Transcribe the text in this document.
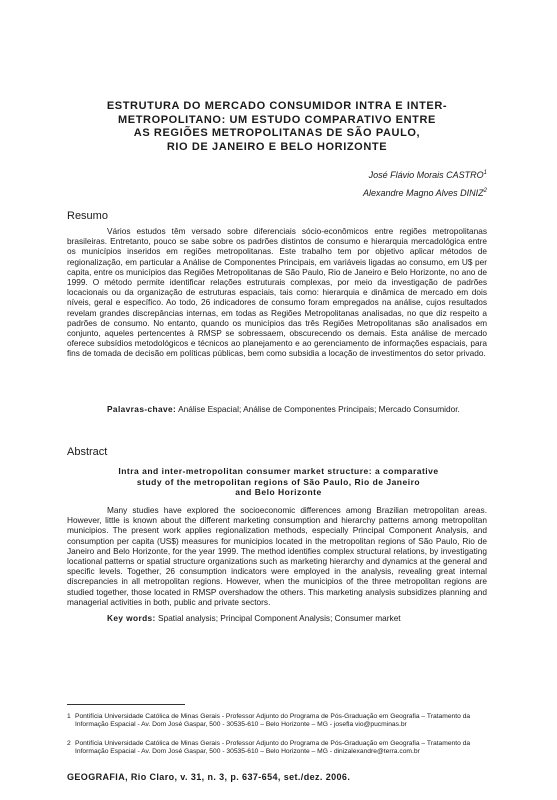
ESTRUTURA DO MERCADO CONSUMIDOR INTRA E INTER-
METROPOLITANO: UM ESTUDO COMPARATIVO ENTRE
AS REGIÕES METROPOLITANAS DE SÃO PAULO,
RIO DE JANEIRO E BELO HORIZONTE
José Flávio Morais CASTRO$^1$
Alexandre Magno Alves DINIZ$^2$
Resumo

Vários estudos têm versado sobre diferenciais sócio-econômicos entre regiões metropolitanas brasileiras. Entretanto, pouco se sabe sobre os padrões distintos de consumo e hierarquia mercadológica entre os municípios inseridos em regiões metropolitanas. Este trabalho tem por objetivo aplicar métodos de regionalização, em particular a Análise de Componentes Principais, em variáveis ligadas ao consumo, em U$ per capita, entre os municípios das Regiões Metropolitanas de São Paulo, Rio de Janeiro e Belo Horizonte, no ano de 1999. O método permite identificar relações estruturais complexas, por meio da investigação de padrões locacionais ou da organização de estruturas espaciais, tais como: hierarquia e dinâmica de mercado em dois níveis, geral e específico. Ao todo, 26 indicadores de consumo foram empregados na análise, cujos resultados revelam grandes discrepâncias internas, em todas as Regiões Metropolitanas analisadas, no que diz respeito a padrões de consumo. No entanto, quando os municípios das três Regiões Metropolitanas são analisados em conjunto, aqueles pertencentes à RMSP se sobressaem, obscurecendo os demais. Esta análise de mercado oferece subsídios metodológicos e técnicos ao planejamento e ao gerenciamento de informações espaciais, para fins de tomada de decisão em políticas públicas, bem como subsidia a locação de investimentos do setor privado.

Palavras-chave: Análise Espacial; Análise de Componentes Principais; Mercado Consumidor.

Abstract
Intra and inter-metropolitan consumer market structure: a comparative
study of the metropolitan regions of São Paulo, Rio de Janeiro
and Belo Horizonte

Many studies have explored the socioeconomic differences among Brazilian metropolitan areas. However, little is known about the different marketing consumption and hierarchy patterns among metropolitan municipios. The present work applies regionalization methods, especially Principal Component Analysis, and consumption per capita (US$) measures for municipios located in the metropolitan regions of São Paulo, Rio de Janeiro and Belo Horizonte, for the year 1999. The method identifies complex structural relations, by investigating locational patterns or spatial structure organizations such as marketing hierarchy and dynamics at the general and specific levels. Together, 26 consumption indicators were employed in the analysis, revealing great internal discrepancies in all metropolitan regions. However, when the municipios of the three metropolitan regions are studied together, those located in RMSP overshadow the others. This marketing analysis subsidizes planning and managerial activities in both, public and private sectors.

Key words: Spatial analysis; Principal Component Analysis; Consumer market

1 Pontifícia Universidade Católica de Minas Gerais - Professor Adjunto do Programa de Pós-Graduação em Geografia – Tratamento da Informação Espacial - Av. Dom José Gaspar, 500 - 30535-610 – Belo Horizonte – MG - josefla vio@pucminas.br
2 Pontifícia Universidade Católica de Minas Gerais - Professor Adjunto do Programa de Pós-Graduação em Geografia – Tratamento da Informação Espacial - Av. Dom José Gaspar, 500 - 30535-610 – Belo Horizonte – MG - dinizalexandre@terra.com.br
GEOGRAFIA, Rio Claro, v. 31, n. 3, p. 637-654, set./dez. 2006.
